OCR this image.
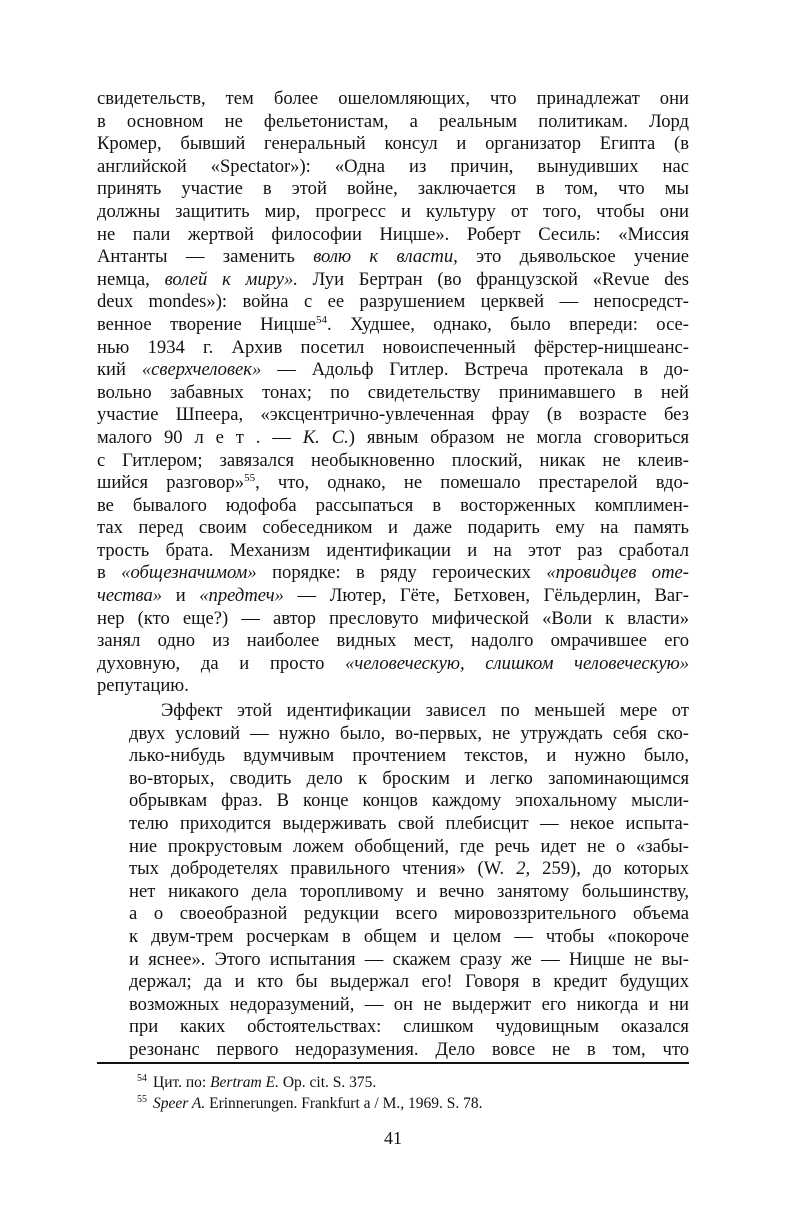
свидетельств, тем более ошеломляющих, что принадлежат они
в основном не фельетонистам, а реальным политикам. Лорд
Кромер, бывший генеральный консул и организатор Египта (в
английской «Spectator»): «Одна из причин, вынудивших нас
принять участие в этой войне, заключается в том, что мы
должны защитить мир, прогресс и культуру от того, чтобы они
не пали жертвой философии Ницше». Роберт Сесиль: «Миссия
Антанты — заменить волю к власти, это дьявольское учение
немца, волей к миру». Луи Бертран (во французской «Revue des
deux mondes»): война с ее разрушением церквей — непосредст-
венное творение Ницше$^{54}$. Худшее, однако, было впереди: осе-
нью 1934 г. Архив посетил новоиспеченный фёрстер-ницшеанс-
кий «сверхчеловек» — Адольф Гитлер. Встреча протекала в до-
вольно забавных тонах; по свидетельству принимавшего в ней
участие Шпеера, «эксцентрично-увлеченная фрау (в возрасте без
малого 90 л е т . — К. С.) явным образом не могла сговориться
с Гитлером; завязался необыкновенно плоский, никак не клеив-
шийся разговор»$^{55}$, что, однако, не помешало престарелой вдо-
ве бывалого юдофоба рассыпаться в восторженных комплимен-
тах перед своим собеседником и даже подарить ему на память
трость брата. Механизм идентификации и на этот раз сработал
в «общезначимом» порядке: в ряду героических «провидцев оте-
чества» и «предтеч» — Лютер, Гёте, Бетховен, Гёльдерлин, Ваг-
нер (кто еще?) — автор пресловуто мифической «Воли к власти»
занял одно из наиболее видных мест, надолго омрачившее его
духовную, да и просто «человеческую, слишком человеческую»
репутацию.

Эффект этой идентификации зависел по меньшей мере от
двух условий — нужно было, во-первых, не утруждать себя ско-
лько-нибудь вдумчивым прочтением текстов, и нужно было,
во-вторых, сводить дело к броским и легко запоминающимся
обрывкам фраз. В конце концов каждому эпохальному мысли-
телю приходится выдерживать свой плебисцит — некое испыта-
ние прокрустовым ложем обобщений, где речь идет не о «забы-
тых добродетелях правильного чтения» (W. 2, 259), до которых
нет никакого дела торопливому и вечно занятому большинству,
а о своеобразной редукции всего мировоззрительного объема
к двум-трем росчеркам в общем и целом — чтобы «покороче
и яснее». Этого испытания — скажем сразу же — Ницше не вы-
держал; да и кто бы выдержал его! Говоря в кредит будущих
возможных недоразумений, — он не выдержит его никогда и ни
при каких обстоятельствах: слишком чудовищным оказался
резонанс первого недоразумения. Дело вовсе не в том, что

$^{54}$ Цит. по: Bertram E. Op. cit. S. 375.
$^{55}$ Speer A. Erinnerungen. Frankfurt a / M., 1969. S. 78.
41
